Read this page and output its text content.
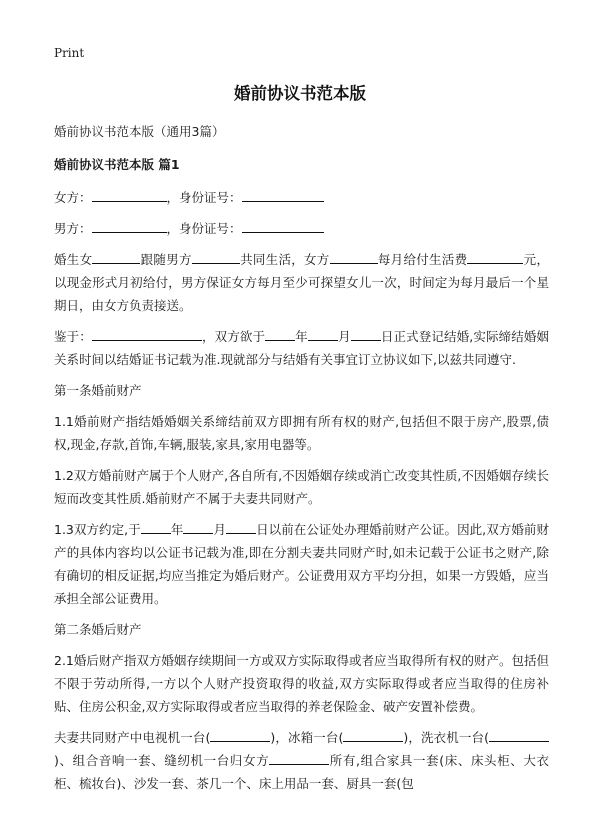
Print
婚前协议书范本版

婚前协议书范本版（通用3篇）

婚前协议书范本版 篇1

女方：	，身份证号：

男方：	，身份证号：

婚生女	跟随男方	共同生活，女方	每月给付生活费	元，以现金形式月初给付，男方保证女方每月至少可探望女儿一次，时间定为每月最后一个星期日，由女方负责接送。

鉴于：	，双方欲于 年 月 日正式登记结婚,实际缔结婚姻关系时间以结婚证书记载为准.现就部分与结婚有关事宜订立协议如下,以兹共同遵守.

第一条婚前财产

1.1婚前财产指结婚婚姻关系缔结前双方即拥有所有权的财产,包括但不限于房产,股票,债权,现金,存款,首饰,车辆,服装,家具,家用电器等。

1.2双方婚前财产属于个人财产,各自所有,不因婚姻存续或消亡改变其性质,不因婚姻存续长短而改变其性质.婚前财产不属于夫妻共同财产。

1.3双方约定,于 年 月 日以前在公证处办理婚前财产公证。因此,双方婚前财产的具体内容均以公证书记载为准,即在分割夫妻共同财产时,如未记载于公证书之财产,除有确切的相反证据,均应当推定为婚后财产。公证费用双方平均分担，如果一方毁婚，应当承担全部公证费用。

第二条婚后财产

2.1婚后财产指双方婚姻存续期间一方或双方实际取得或者应当取得所有权的财产。包括但不限于劳动所得,一方以个人财产投资取得的收益,双方实际取得或者应当取得的住房补贴、住房公积金,双方实际取得或者应当取得的养老保险金、破产安置补偿费。

夫妻共同财产中电视机一台(	)，冰箱一台(	)，洗衣机一台()、组合音响一套、缝纫机一台归女方	所有,组合家具一套(床、床头柜、大衣柜、梳妆台)、沙发一套、茶几一个、床上用品一套、厨具一套(包
